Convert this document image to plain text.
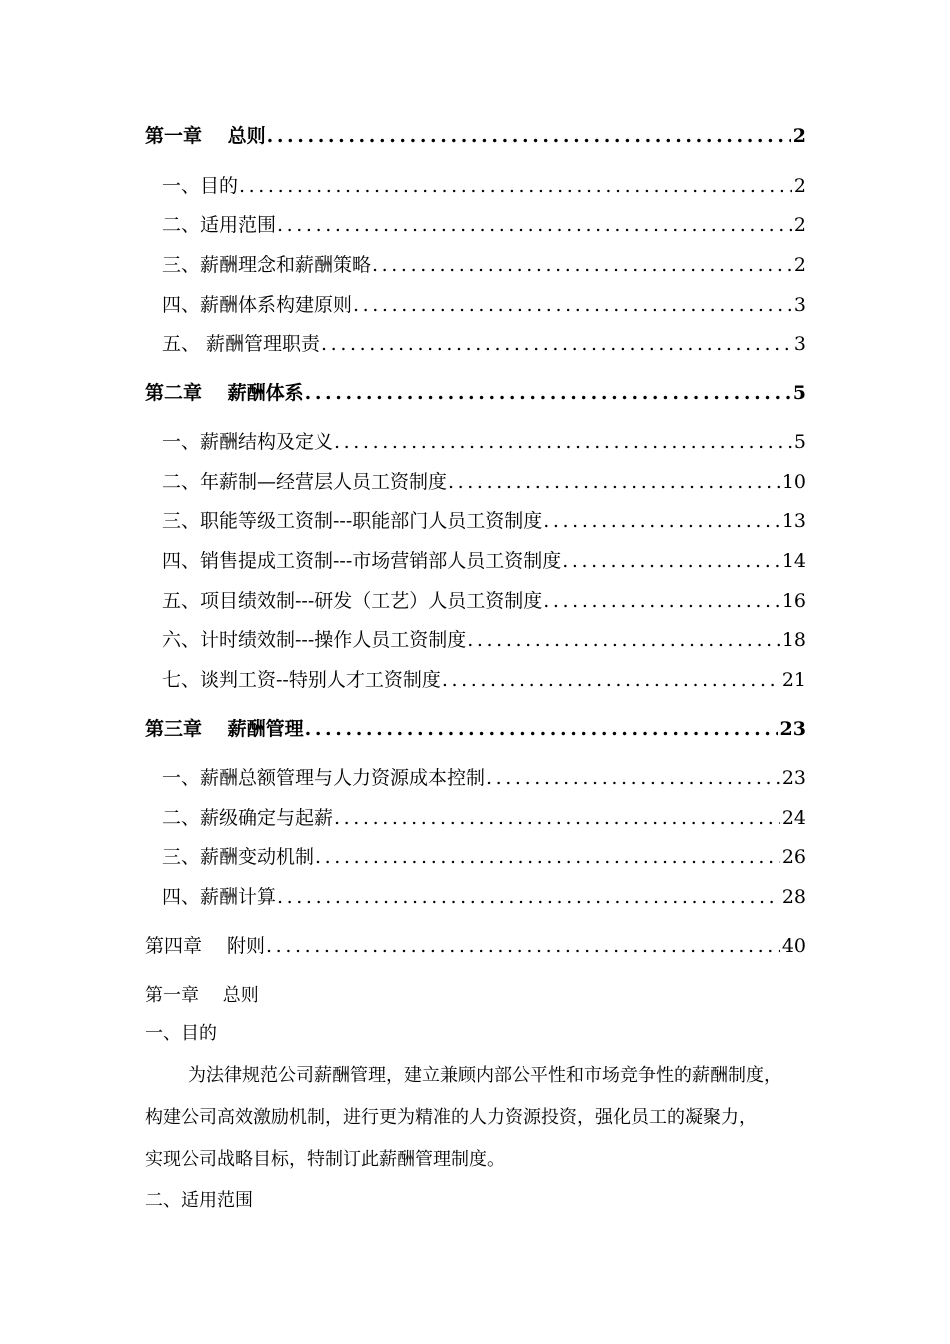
第一章　 总则 .....	2
一、目的 .....	2
二、适用范围 .....	2
三、薪酬理念和薪酬策略 .....	2
四、薪酬体系构建原则 .....	3
五、 薪酬管理职责 .....	3
第二章　 薪酬体系 .....	5
一、薪酬结构及定义 .....	5
二、年薪制—经营层人员工资制度 .....	10
三、职能等级工资制---职能部门人员工资制度 .....	13
四、销售提成工资制---市场营销部人员工资制度 .....	14
五、项目绩效制---研发（工艺）人员工资制度 .....	16
六、计时绩效制---操作人员工资制度 .....	18
七、谈判工资--特别人才工资制度 .....	21
第三章　 薪酬管理 .....	23
一、薪酬总额管理与人力资源成本控制 .....	23
二、薪级确定与起薪 .....	24
三、薪酬变动机制 .....	26
四、薪酬计算 .....	28
第四章　 附则 .....	40
第一章　 总则
一、目的
为法律规范公司薪酬管理，建立兼顾内部公平性和市场竞争性的薪酬制度，
构建公司高效激励机制，进行更为精准的人力资源投资，强化员工的凝聚力，
实现公司战略目标，特制订此薪酬管理制度。
二、适用范围
